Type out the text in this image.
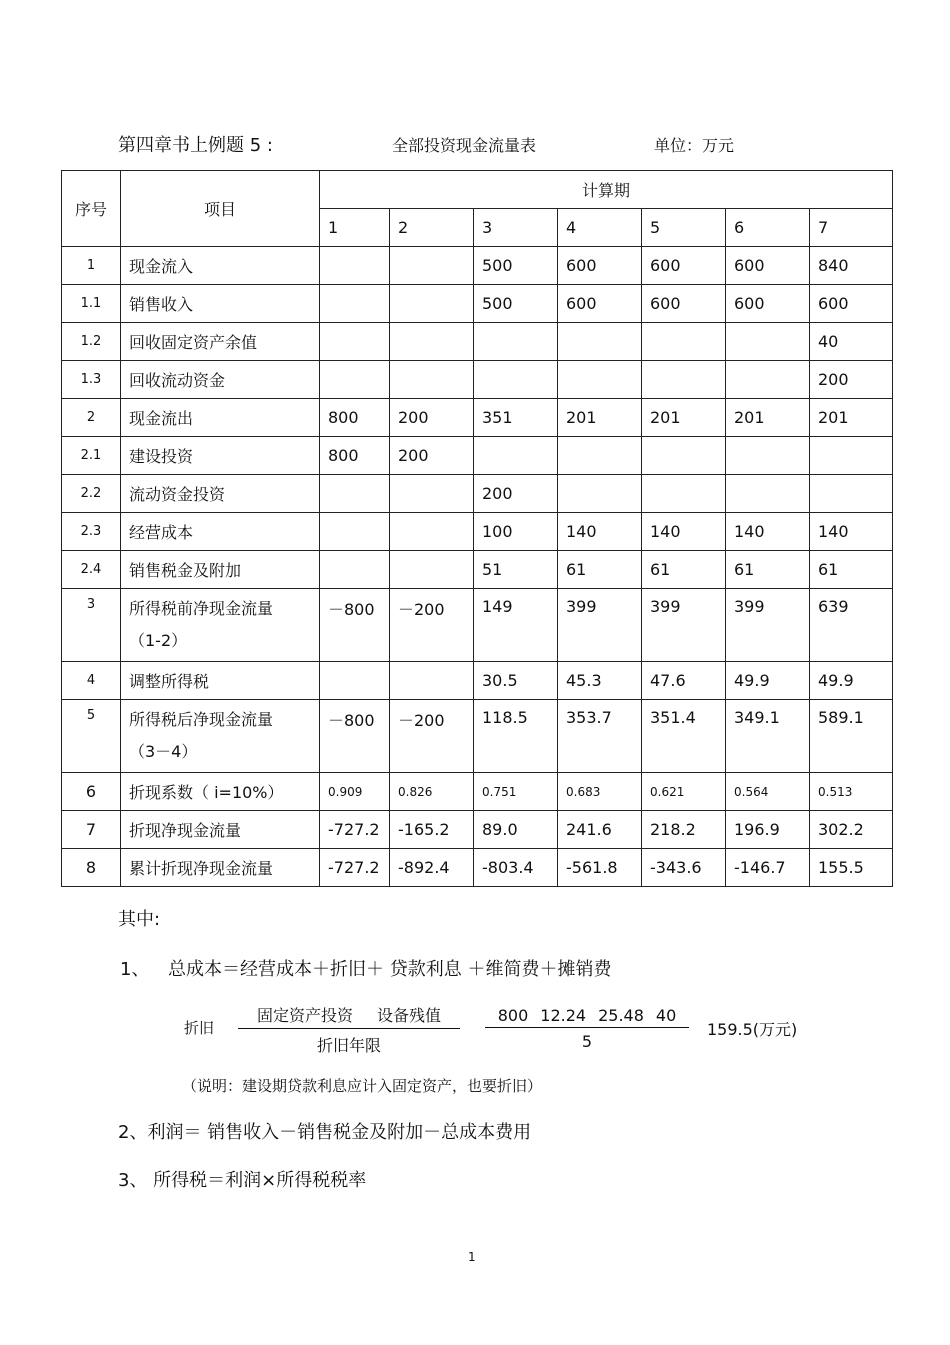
第四章书上例题 5 :	全部投资现金流量表	单位：万元
序号	项目	计算期						
		1	2	3	4	5	6	7
1	现金流入			500	600	600	600	840
1.1	销售收入			500	600	600	600	600
1.2	回收固定资产余值							40
1.3	回收流动资金							200
2	现金流出	800	200	351	201	201	201	201
2.1	建设投资	800	200					
2.2	流动资金投资			200				
2.3	经营成本			100	140	140	140	140
2.4	销售税金及附加			51	61	61	61	61
3	所得税前净现金流量
（1-2）	－800	－200	149	399	399	399	639
4	调整所得税			30.5	45.3	47.6	49.9	49.9
5	所得税后净现金流量
（3－4）	－800	－200	118.5	353.7	351.4	349.1	589.1
6	折现系数（ i=10%）	0.909	0.826	0.751	0.683	0.621	0.564	0.513
7	折现净现金流量	-727.2	-165.2	89.0	241.6	218.2	196.9	302.2
8	累计折现净现金流量	-727.2	-892.4	-803.4	-561.8	-343.6	-146.7	155.5
其中:
1、 总成本＝经营成本＋折旧＋ 贷款利息 ＋维简费＋摊销费
折旧
固定资产投资 设备残值
折旧年限	$\frac{800 12.24 25.48 40}{5} 159.5$(万元)
（说明：建设期贷款利息应计入固定资产，也要折旧）
2、利润＝ 销售收入－销售税金及附加－总成本费用
3、 所得税＝利润×所得税税率
1
